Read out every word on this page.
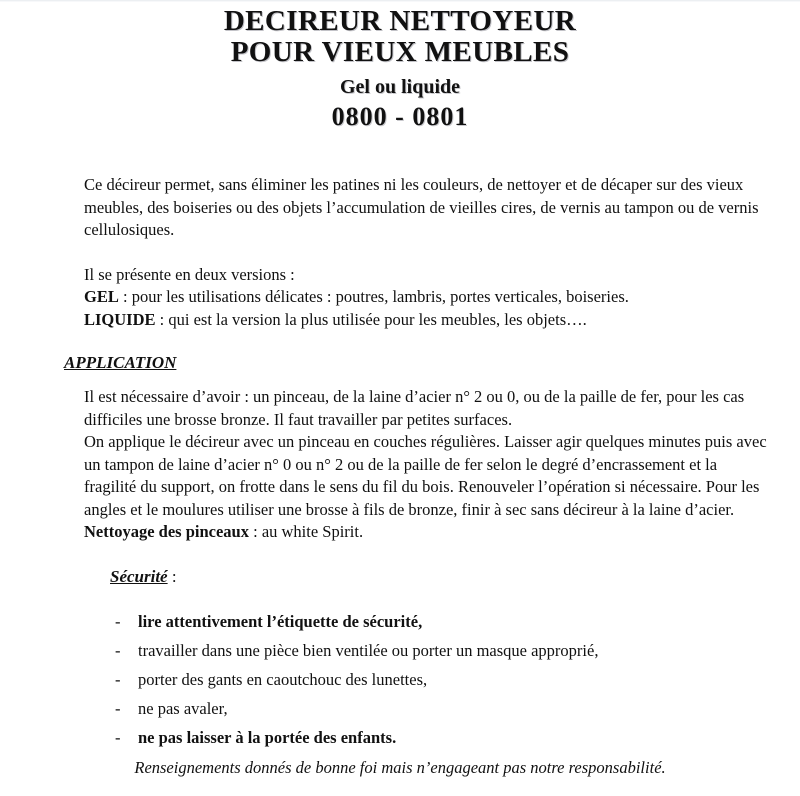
DECIREUR NETTOYEUR
POUR VIEUX MEUBLES
Gel ou liquide
0800 - 0801

Ce décireur permet, sans éliminer les patines ni les couleurs, de nettoyer et de décaper sur des vieux meubles, des boiseries ou des objets l’accumulation de vieilles cires, de vernis au tampon ou de vernis cellulosiques.

Il se présente en deux versions :

GEL : pour les utilisations délicates : poutres, lambris, portes verticales, boiseries.

LIQUIDE : qui est la version la plus utilisée pour les meubles, les objets….

APPLICATION

Il est nécessaire d’avoir : un pinceau, de la laine d’acier n° 2 ou 0, ou de la paille de fer, pour les cas difficiles une brosse bronze. Il faut travailler par petites surfaces.

On applique le décireur avec un pinceau en couches régulières. Laisser agir quelques minutes puis avec un tampon de laine d’acier n° 0 ou n° 2 ou de la paille de fer selon le degré d’encrassement et la fragilité du support, on frotte dans le sens du fil du bois. Renouveler l’opération si nécessaire. Pour les angles et le moulures utiliser une brosse à fils de bronze, finir à sec sans décireur à la laine d’acier.

Nettoyage des pinceaux : au white Spirit.

Sécurité :

-	lire attentivement l’étiquette de sécurité,
-	travailler dans une pièce bien ventilée ou porter un masque approprié,
-	porter des gants en caoutchouc des lunettes,
-	ne pas avaler,
-	ne pas laisser à la portée des enfants.
Renseignements donnés de bonne foi mais n’engageant pas notre responsabilité.
